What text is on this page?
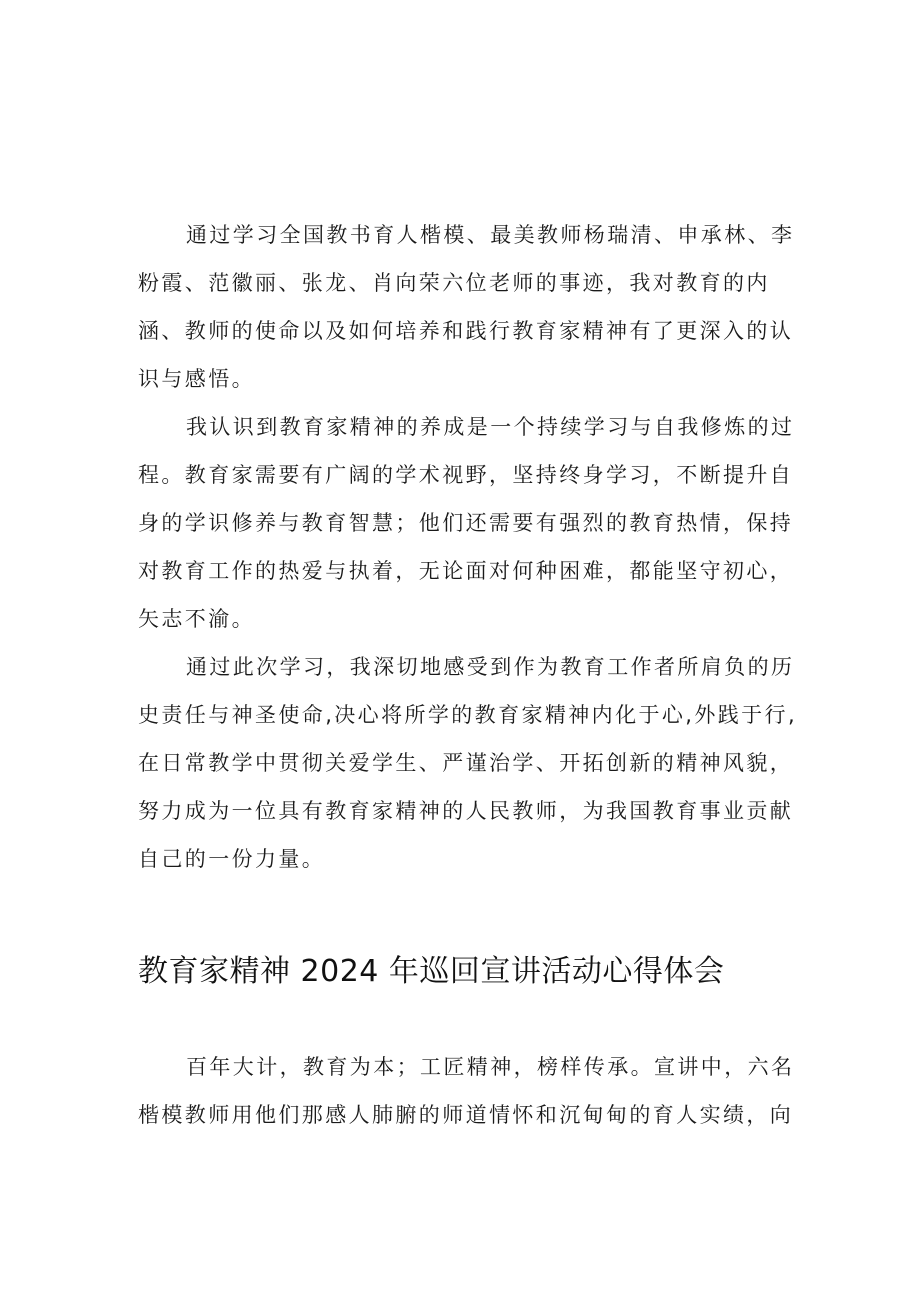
通过学习全国教书育人楷模、最美教师杨瑞清、申承林、李粉霞、范徽丽、张龙、肖向荣六位老师的事迹，我对教育的内涵、教师的使命以及如何培养和践行教育家精神有了更深入的认识与感悟。

我认识到教育家精神的养成是一个持续学习与自我修炼的过程。教育家需要有广阔的学术视野，坚持终身学习，不断提升自身的学识修养与教育智慧；他们还需要有强烈的教育热情，保持对教育工作的热爱与执着，无论面对何种困难，都能坚守初心，矢志不渝。

通过此次学习，我深切地感受到作为教育工作者所肩负的历史责任与神圣使命,决心将所学的教育家精神内化于心,外践于行,在日常教学中贯彻关爱学生、严谨治学、开拓创新的精神风貌，努力成为一位具有教育家精神的人民教师，为我国教育事业贡献自己的一份力量。

教育家精神 2024 年巡回宣讲活动心得体会

百年大计，教育为本；工匠精神，榜样传承。宣讲中，六名楷模教师用他们那感人肺腑的师道情怀和沉甸甸的育人实绩，向
